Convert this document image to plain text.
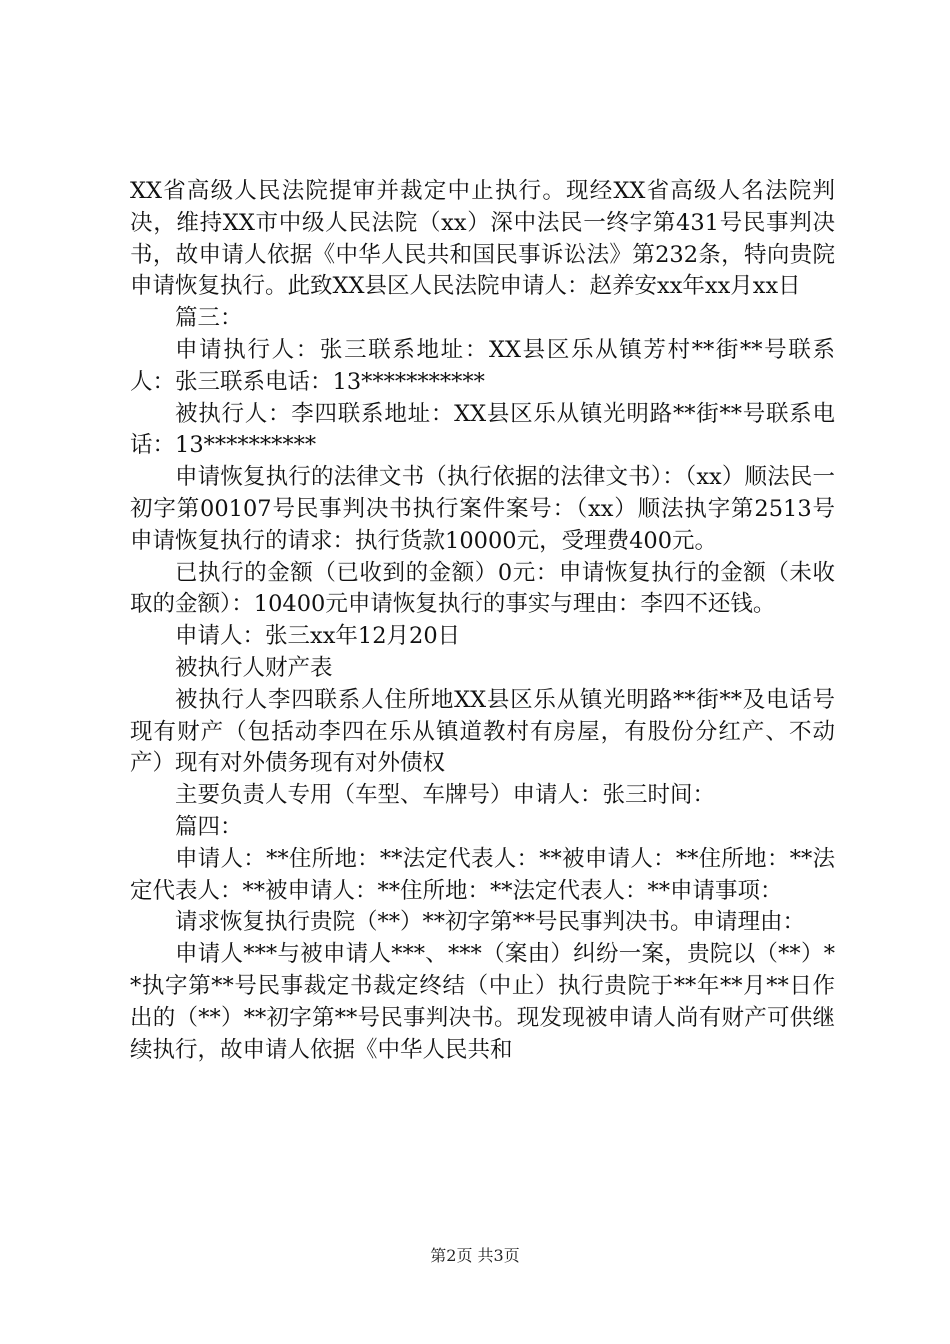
XX省高级人民法院提审并裁定中止执行。现经XX省高级人名法院判决，维持XX市中级人民法院（xx）深中法民一终字第431号民事判决书，故申请人依据《中华人民共和国民事诉讼法》第232条，特向贵院申请恢复执行。此致XX县区人民法院申请人：赵养安xx年xx月xx日

篇三：

申请执行人：张三联系地址：XX县区乐从镇芳村**街**号联系人：张三联系电话：13***********

被执行人：李四联系地址：XX县区乐从镇光明路**街**号联系电话：13**********

申请恢复执行的法律文书（执行依据的法律文书）：（xx）顺法民一初字第00107号民事判决书执行案件案号：（xx）顺法执字第2513号申请恢复执行的请求：执行货款10000元，受理费400元。

已执行的金额（已收到的金额）0元：申请恢复执行的金额（未收取的金额）：10400元申请恢复执行的事实与理由：李四不还钱。

申请人：张三xx年12月20日

被执行人财产表

被执行人李四联系人住所地XX县区乐从镇光明路**街**及电话号现有财产（包括动李四在乐从镇道教村有房屋，有股份分红产、不动产）现有对外债务现有对外债权

主要负责人专用（车型、车牌号）申请人：张三时间：

篇四：

申请人：**住所地：**法定代表人：**被申请人：**住所地：**法定代表人：**被申请人：**住所地：**法定代表人：**申请事项：

请求恢复执行贵院（**）**初字第**号民事判决书。申请理由：

申请人***与被申请人***、***（案由）纠纷一案，贵院以（**）**执字第**号民事裁定书裁定终结（中止）执行贵院于**年**月**日作出的（**）**初字第**号民事判决书。现发现被申请人尚有财产可供继续执行，故申请人依据《中华人民共和

第2页 共3页
